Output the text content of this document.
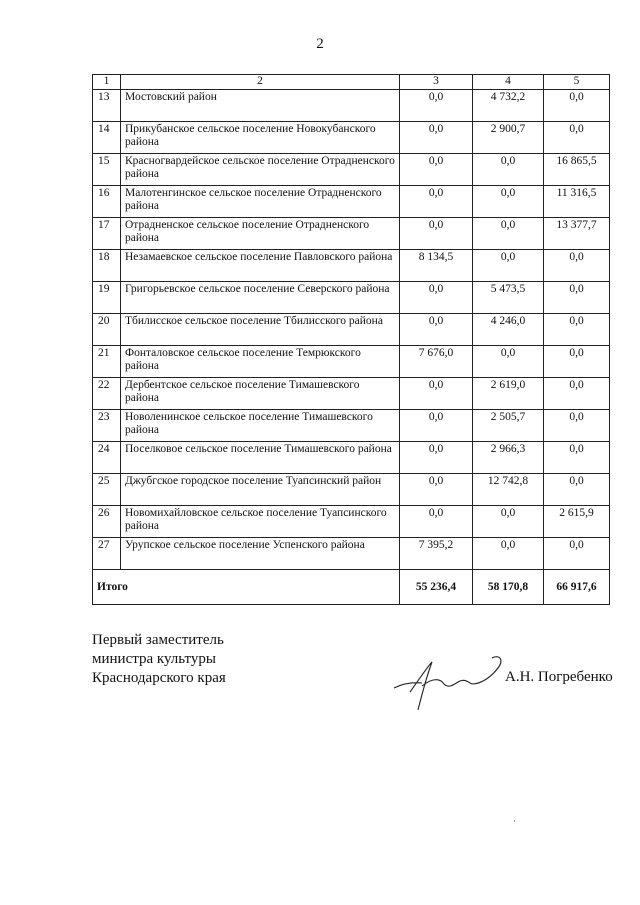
2
1	2	3	4	5
13	Мостовский район	0,0	4 732,2	0,0
14	Прикубанское сельское поселение Новокубанского района	0,0	2 900,7	0,0
15	Красногвардейское сельское поселение Отрадненского района	0,0	0,0	16 865,5
16	Малотенгинское сельское поселение Отрадненского района	0,0	0,0	11 316,5
17	Отрадненское сельское поселение Отрадненского района	0,0	0,0	13 377,7
18	Незамаевское сельское поселение Павловского района	8 134,5	0,0	0,0
19	Григорьевское сельское поселение Северского района	0,0	5 473,5	0,0
20	Тбилисское сельское поселение Тбилисского района	0,0	4 246,0	0,0
21	Фонталовское сельское поселение Темрюкского района	7 676,0	0,0	0,0
22	Дербентское сельское поселение Тимашевского района	0,0	2 619,0	0,0
23	Новоленинское сельское поселение Тимашевского района	0,0	2 505,7	0,0
24	Поселковое сельское поселение Тимашевского района	0,0	2 966,3	0,0
25	Джубгское городское поселение Туапсинский район	0,0	12 742,8	0,0
26	Новомихайловское сельское поселение Туапсинского района	0,0	0,0	2 615,9
27	Урупское сельское поселение Успенского района	7 395,2	0,0	0,0
Итого		55 236,4	58 170,8	66 917,6
Первый заместитель
министра культуры
Краснодарского края	А.Н. Погребенко
